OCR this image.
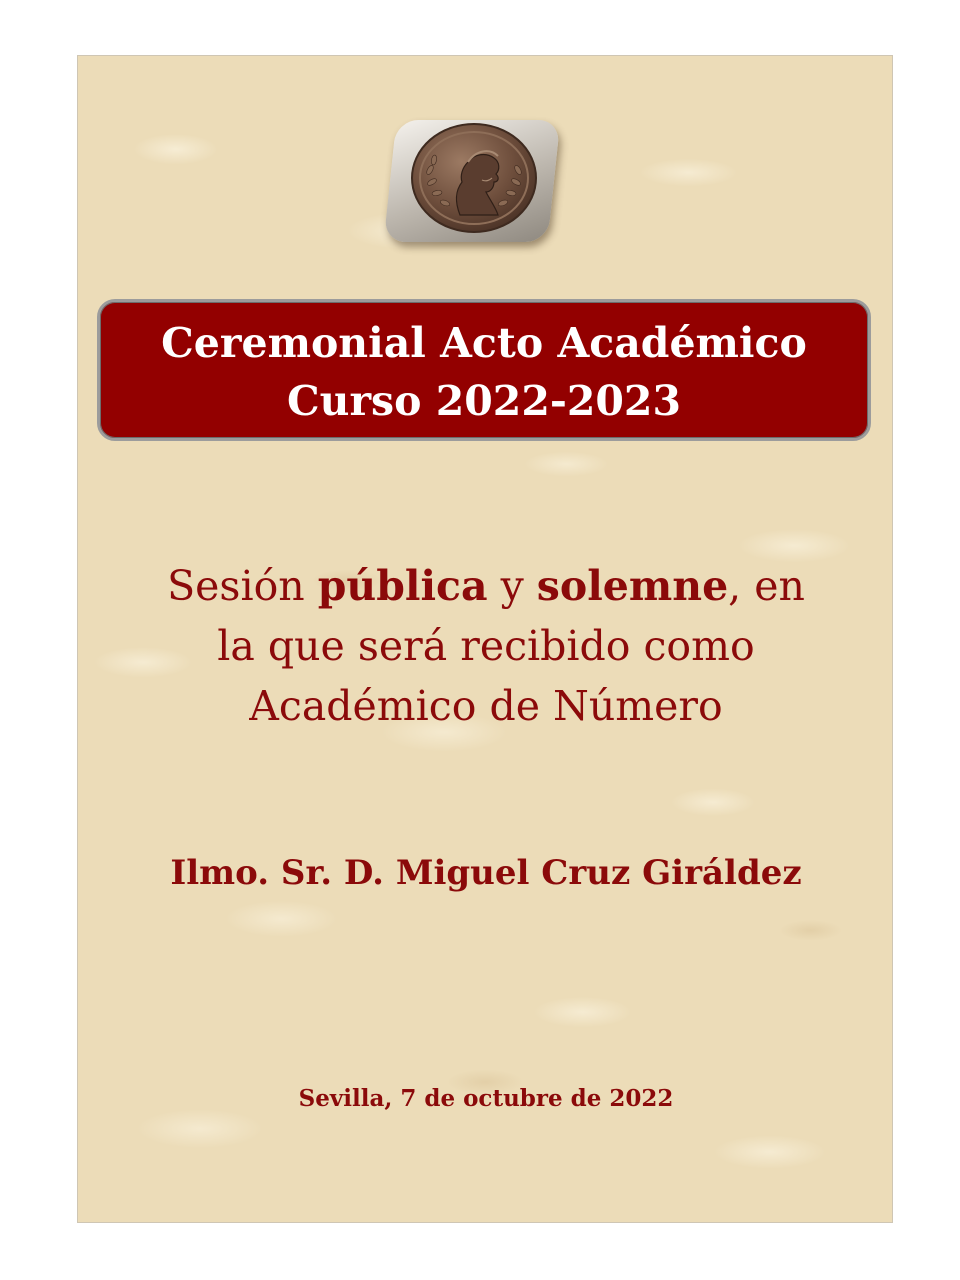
Ceremonial Acto Académico
Curso 2022-2023
Sesión pública y solemne, en
la que será recibido como
Académico de Número
Ilmo. Sr. D. Miguel Cruz Giráldez
Sevilla, 7 de octubre de 2022
